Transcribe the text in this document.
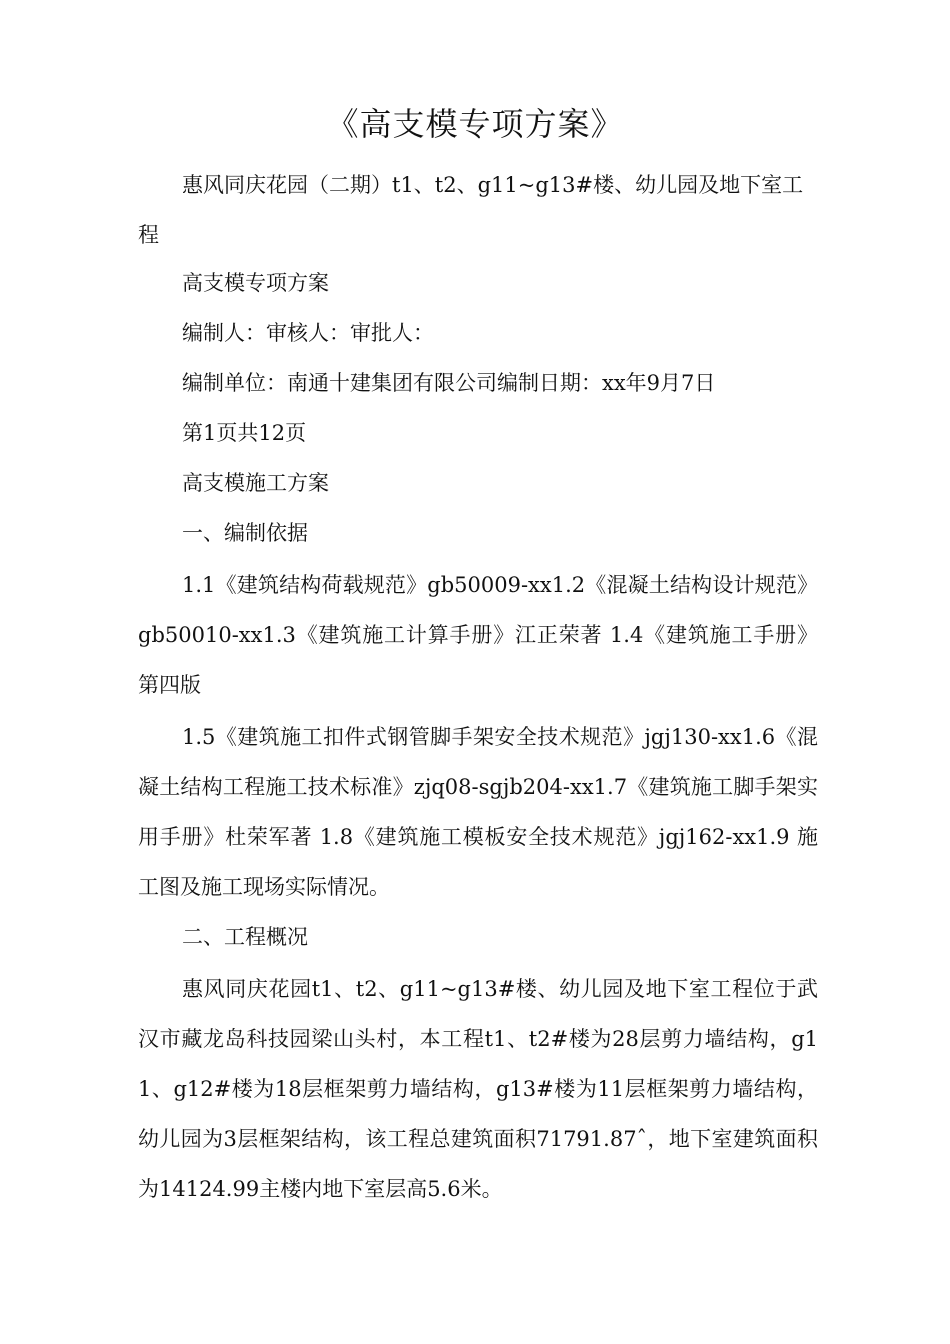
《高支模专项方案》

惠风同庆花园（二期）t1、t2、g11~g13#楼、幼儿园及地下室工程

高支模专项方案

编制人：审核人：审批人：

编制单位：南通十建集团有限公司编制日期：xx年9月7日

第1页共12页

高支模施工方案

一、编制依据

1.1《建筑结构荷载规范》gb50009-xx1.2《混凝土结构设计规范》gb50010-xx1.3《建筑施工计算手册》江正荣著 1.4《建筑施工手册》第四版

1.5《建筑施工扣件式钢管脚手架安全技术规范》jgj130-xx1.6《混凝土结构工程施工技术标准》zjq08-sgjb204-xx1.7《建筑施工脚手架实用手册》杜荣军著 1.8《建筑施工模板安全技术规范》jgj162-xx1.9 施工图及施工现场实际情况。

二、工程概况

惠风同庆花园t1、t2、g11~g13#楼、幼儿园及地下室工程位于武汉市藏龙岛科技园梁山头村，本工程t1、t2#楼为28层剪力墙结构，g11、g12#楼为18层框架剪力墙结构，g13#楼为11层框架剪力墙结构，幼儿园为3层框架结构，该工程总建筑面积71791.87ˆ，地下室建筑面积为14124.99主楼内地下室层高5.6米。
